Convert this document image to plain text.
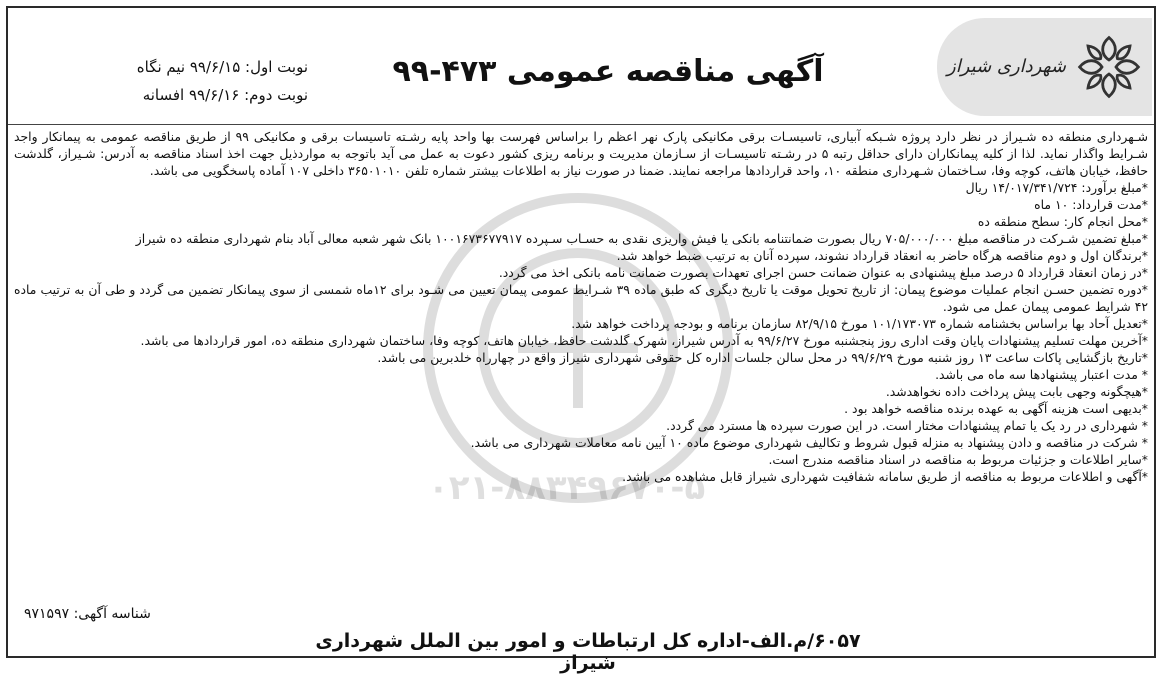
شهرداری شیراز
آگهی مناقصه عمومی ۴۷۳-۹۹
نوبت اول: ۹۹/۶/۱۵ نیم نگاه
نوبت دوم: ۹۹/۶/۱۶ افسانه
۰۲۱-۸۸۳۴۹۶۷۰-۵

شـهرداری منطقه ده شـیراز در نظر دارد پروژه شـبکه آبیاری، تاسیسـات برقی مکانیکی پارک نهر اعظم را براساس فهرست بها واحد پایه رشـته تاسیسات برقی و مکانیکی ۹۹ از طریق مناقصه عمومی به پیمانکار واجد شـرایط واگذار نماید. لذا از کلیه پیمانکاران دارای حداقل رتبه ۵ در رشـته تاسیسـات از سـازمان مدیریت و برنامه ریزی کشور دعوت به عمل می آید باتوجه به مواردذیل جهت اخذ اسناد مناقصه به آدرس: شـیراز، گلدشت حافظ، خیابان هاتف، کوچه وفا، سـاختمان شـهرداری منطقه ۱۰، واحد قراردادها مراجعه نمایند. ضمنا در صورت نیاز به اطلاعات بیشتر شماره تلفن ۳۶۵۰۱۰۱۰ داخلی ۱۰۷ آماده پاسخگویی می باشد.

*مبلغ برآورد: ۱۴/۰۱۷/۳۴۱/۷۲۴ ریال
*مدت قرارداد: ۱۰ ماه
*محل انجام کار: سطح منطقه ده
*مبلغ تضمین شـرکت در مناقصه مبلغ ۷۰۵/۰۰۰/۰۰۰ ریال بصورت ضمانتنامه بانکی یا فیش واریزی نقدی به حسـاب سـپرده ۱۰۰۱۶۷۳۶۷۷۹۱۷ بانک شهر شعبه معالی آباد بنام شهرداری منطقه ده شیراز
*برندگان اول و دوم مناقصه هرگاه حاضر به انعقاد قرارداد نشوند، سپرده آنان به ترتیب ضبط خواهد شد.
*در زمان انعقاد قرارداد ۵ درصد مبلغ پیشنهادی به عنوان ضمانت حسن اجرای تعهدات بصورت ضمانت نامه بانکی اخذ می گردد.
*دوره تضمین حسـن انجام عملیات موضوع پیمان: از تاریخ تحویل موقت یا تاریخ دیگری که طبق ماده ۳۹ شـرایط عمومی پیمان تعیین می شـود برای ۱۲ماه شمسی از سوی پیمانکار تضمین می گردد و طی آن به ترتیب ماده ۴۲ شرایط عمومی پیمان عمل می شود.
*تعدیل آحاد بها براساس بخشنامه شماره ۱۰۱/۱۷۳۰۷۳ مورخ ۸۲/۹/۱۵ سازمان برنامه و بودجه پرداخت خواهد شد.
*آخرین مهلت تسلیم پیشنهادات پایان وقت اداری روز پنجشنبه مورخ ۹۹/۶/۲۷ به آدرس شیراز، شهرک گلدشت حافظ، خیابان هاتف، کوچه وفا، ساختمان شهرداری منطقه ده، امور قراردادها می باشد.
*تاریخ بازگشایی پاکات ساعت ۱۳ روز شنبه مورخ ۹۹/۶/۲۹ در محل سالن جلسات اداره کل حقوقی شهرداری شیراز واقع در چهارراه خلدبرین می باشد.
* مدت اعتبار پیشنهادها سه ماه می باشد.
*هیچگونه وجهی بابت پیش پرداخت داده نخواهدشد.
*بدیهی است هزینه آگهی به عهده برنده مناقصه خواهد بود .
* شهرداری در رد یک یا تمام پیشنهادات مختار است. در این صورت سپرده ها مسترد می گردد.
* شرکت در مناقصه و دادن پیشنهاد به منزله قبول شروط و تکالیف شهرداری موضوع ماده ۱۰ آیین نامه معاملات شهرداری می باشد.
*سایر اطلاعات و جزئیات مربوط به مناقصه در اسناد مناقصه مندرج است.
*آگهی و اطلاعات مربوط به مناقصه از طریق سامانه شفافیت شهرداری شیراز قابل مشاهده می باشد.
شناسه آگهی: ۹۷۱۵۹۷
۶۰۵۷/م.الف-اداره کل ارتباطات و امور بین الملل شهرداری شیراز
